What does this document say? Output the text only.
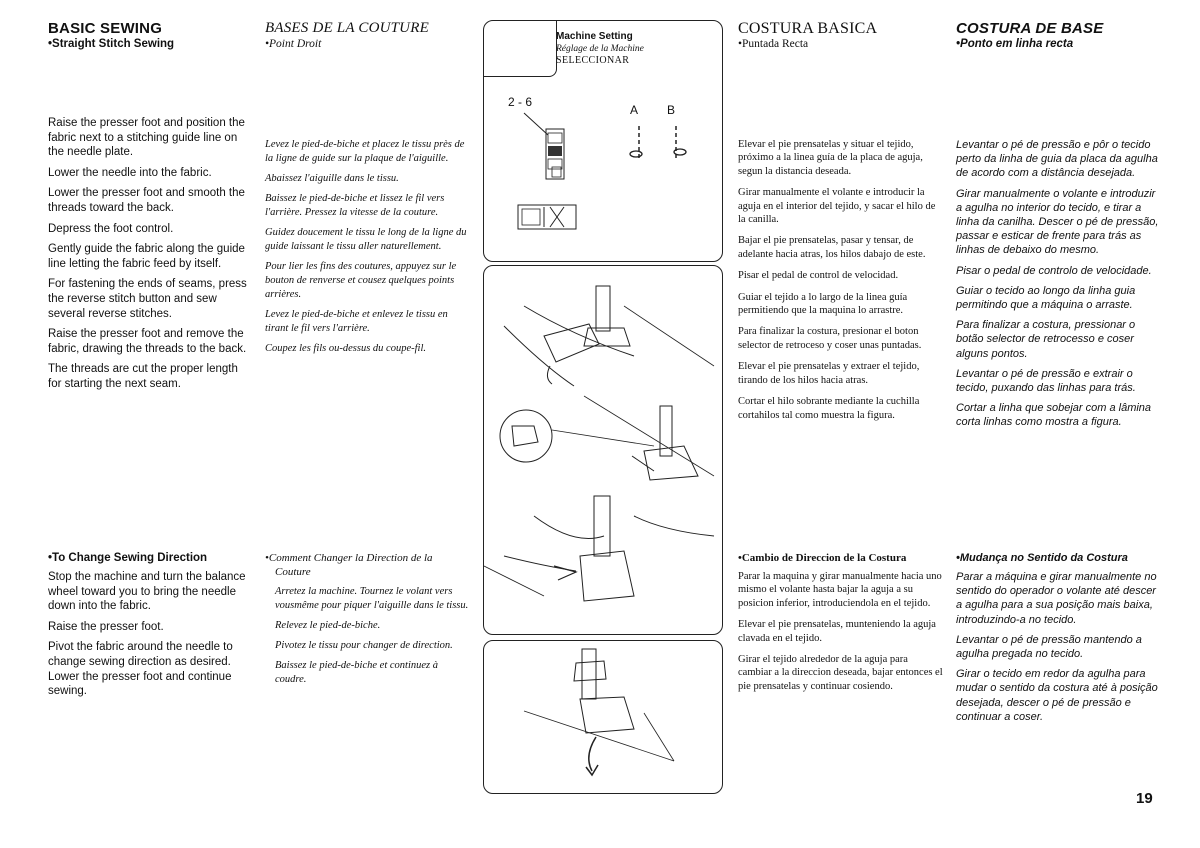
BASIC SEWING
•Straight Stitch Sewing

Raise the presser foot and position the fabric next to a stitching guide line on the needle plate.

Lower the needle into the fabric.

Lower the presser foot and smooth the threads toward the back.

Depress the foot control.

Gently guide the fabric along the guide line letting the fabric feed by itself.

For fastening the ends of seams, press the reverse stitch button and sew several reverse stitches.

Raise the presser foot and remove the fabric, drawing the threads to the back.

The threads are cut the proper length for starting the next seam.

•To Change Sewing Direction

Stop the machine and turn the balance wheel toward you to bring the needle down into the fabric.

Raise the presser foot.

Pivot the fabric around the needle to change sewing direction as desired. Lower the presser foot and continue sewing.

BASES DE LA COUTURE
•Point Droit

Levez le pied-de-biche et placez le tissu près de la ligne de guide sur la plaque de l'aiguille.

Abaissez l'aiguille dans le tissu.

Baissez le pied-de-biche et lissez le fil vers l'arrière. Pressez la vitesse de la couture.

Guidez doucement le tissu le long de la ligne du guide laissant le tissu aller naturellement.

Pour lier les fins des coutures, appuyez sur le bouton de renverse et cousez quelques points arrières.

Levez le pied-de-biche et enlevez le tissu en tirant le fil vers l'arrière.

Coupez les fils ou-dessus du coupe-fil.

•Comment Changer la Direction de la Couture

Arretez la machine. Tournez le volant vers vousmême pour piquer l'aiguille dans le tissu.

Relevez le pied-de-biche.

Pivotez le tissu pour changer de direction.

Baissez le pied-de-biche et continuez à coudre.

Machine Setting
Réglage de la Machine
SELECCIONAR
2 - 6
A B
COSTURA BASICA
•Puntada Recta

Elevar el pie prensatelas y situar el tejido, próximo a la linea guía de la placa de aguja, segun la distancia deseada.

Girar manualmente el volante e introducir la aguja en el interior del tejido, y sacar el hilo de la canilla.

Bajar el pie prensatelas, pasar y tensar, de adelante hacia atras, los hilos dabajo de este.

Pisar el pedal de control de velocidad.

Guiar el tejido a lo largo de la linea guía permitiendo que la maquina lo arrastre.

Para finalizar la costura, presionar el boton selector de retroceso y coser unas puntadas.

Elevar el pie prensatelas y extraer el tejido, tirando de los hilos hacia atras.

Cortar el hilo sobrante mediante la cuchilla cortahilos tal como muestra la figura.

•Cambio de Direccion de la Costura

Parar la maquina y girar manualmente hacia uno mismo el volante hasta bajar la aguja a su posicion inferior, introduciendola en el tejido.

Elevar el pie prensatelas, munteniendo la aguja clavada en el tejido.

Girar el tejido alrededor de la aguja para cambiar a la direccion deseada, bajar entonces el pie prensatelas y continuar cosiendo.

COSTURA DE BASE
•Ponto em linha recta

Levantar o pé de pressão e pôr o tecido perto da linha de guia da placa da agulha de acordo com a distância desejada.

Girar manualmente o volante e introduzir a agulha no interior do tecido, e tirar a linha da canilha. Descer o pé de pressão, passar e esticar de frente para trás as linhas de debaixo do mesmo.

Pisar o pedal de controlo de velocidade.

Guiar o tecido ao longo da linha guia permitindo que a máquina o arraste.

Para finalizar a costura, pressionar o botão selector de retrocesso e coser alguns pontos.

Levantar o pé de pressão e extrair o tecido, puxando das linhas para trás.

Cortar a linha que sobejar com a lâmina corta linhas como mostra a figura.

•Mudança no Sentido da Costura

Parar a máquina e girar manualmente no sentido do operador o volante até descer a agulha para a sua posição mais baixa, introduzindo-a no tecido.

Levantar o pé de pressão mantendo a agulha pregada no tecido.

Girar o tecido em redor da agulha para mudar o sentido da costura até à posição desejada, descer o pé de pressão e continuar a coser.

19
